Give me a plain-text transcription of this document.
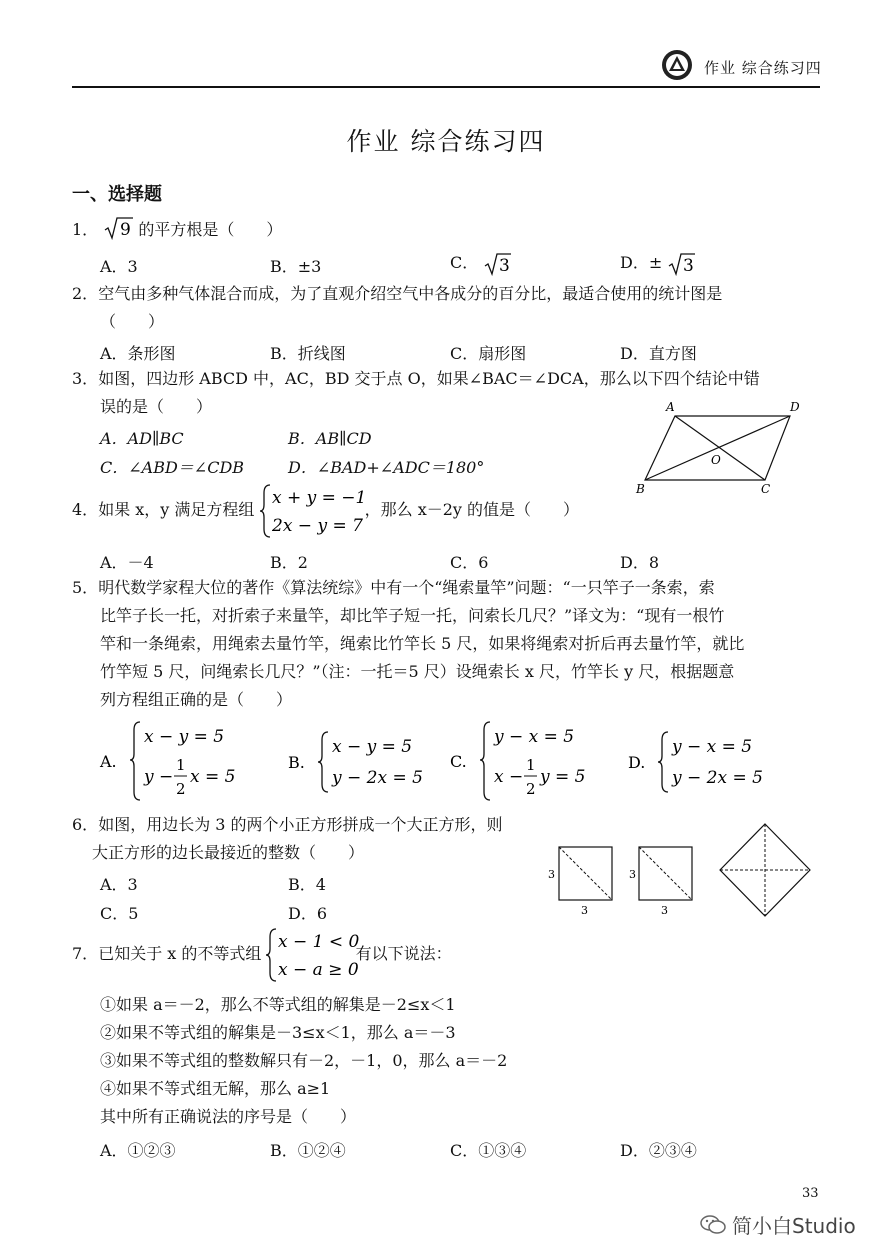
作业 综合练习四
作业 综合练习四
一、选择题
1． 9 的平方根是（　　）
A．3	B．±3	C． 3	D．± 3
2．空气由多种气体混合而成，为了直观介绍空气中各成分的百分比，最适合使用的统计图是
（　　）
A．条形图	B．折线图	C．扇形图	D．直方图
3．如图，四边形 ABCD 中，AC，BD 交于点 O，如果∠BAC＝∠DCA，那么以下四个结论中错
误的是（　　）
A．AD∥BC	B．AB∥CD
C．∠ABD＝∠CDB	D．∠BAD+∠ADC＝180°
A	D
O
B	C
4．如果 x，y 满足方程组
x + y = −1
2x − y = 7
，那么 x－2y 的值是（　　）
A．－4	B．2	C．6	D．8
5．明代数学家程大位的著作《算法统综》中有一个“绳索量竿”问题：“一只竿子一条索，索
比竿子长一托，对折索子来量竿，却比竿子短一托，问索长几尺？”译文为：“现有一根竹
竿和一条绳索，用绳索去量竹竿，绳索比竹竿长 5 尺，如果将绳索对折后再去量竹竿，就比
竹竿短 5 尺，问绳索长几尺？”（注：一托＝5 尺）设绳索长 x 尺，竹竿长 y 尺，根据题意
列方程组正确的是（　　）
A.
x − y = 5
y −
1
2
x = 5
B.
x − y = 5
y − 2x = 5
C.
y − x = 5
x −
1
2
y = 5
D.
y − x = 5
y − 2x = 5
6．如图，用边长为 3 的两个小正方形拼成一个大正方形，则
大正方形的边长最接近的整数（　　）
A．3	B．4
C．5	D．6
3
3
3
3
7．已知关于 x 的不等式组
x − 1 < 0
x − a ≥ 0
有以下说法：
①如果 a＝－2，那么不等式组的解集是－2≤x＜1
②如果不等式组的解集是－3≤x＜1，那么 a＝－3
③如果不等式组的整数解只有－2，－1，0，那么 a＝－2
④如果不等式组无解，那么 a≥1
其中所有正确说法的序号是（　　）
A．①②③	B．①②④	C．①③④	D．②③④
33
简小白Studio
